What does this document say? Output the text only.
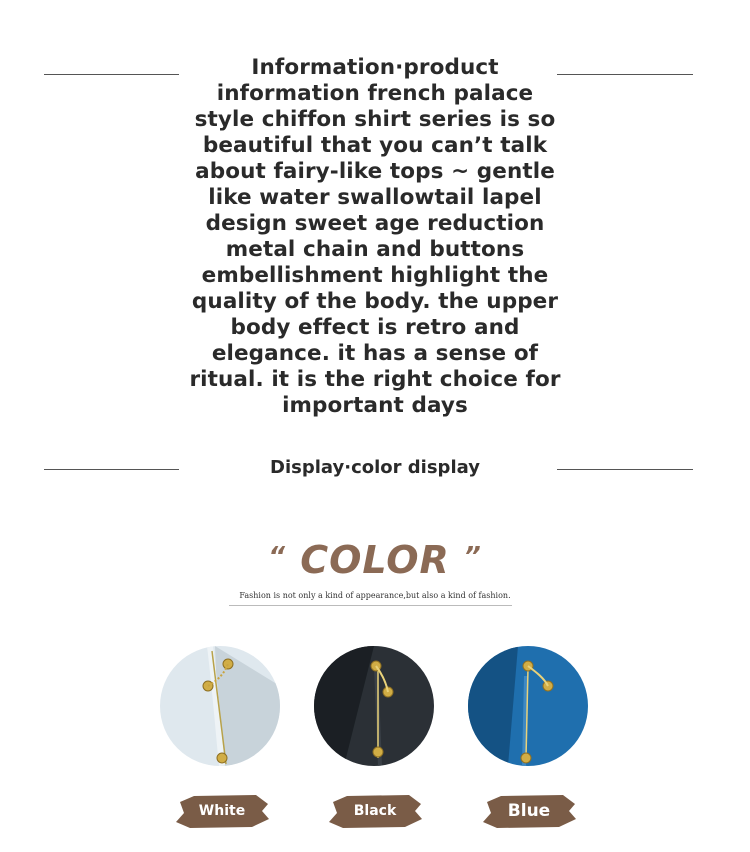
Information·product
information french palace
style chiffon shirt series is so
beautiful that you can’t talk
about fairy-like tops ~ gentle
like water swallowtail lapel
design sweet age reduction
metal chain and buttons
embellishment highlight the
quality of the body. the upper
body effect is retro and
elegance. it has a sense of
ritual. it is the right choice for
important days
Display·color display
“ COLOR ”
Fashion is not only a kind of appearance,but also a kind of fashion.
White	Black	Blue
